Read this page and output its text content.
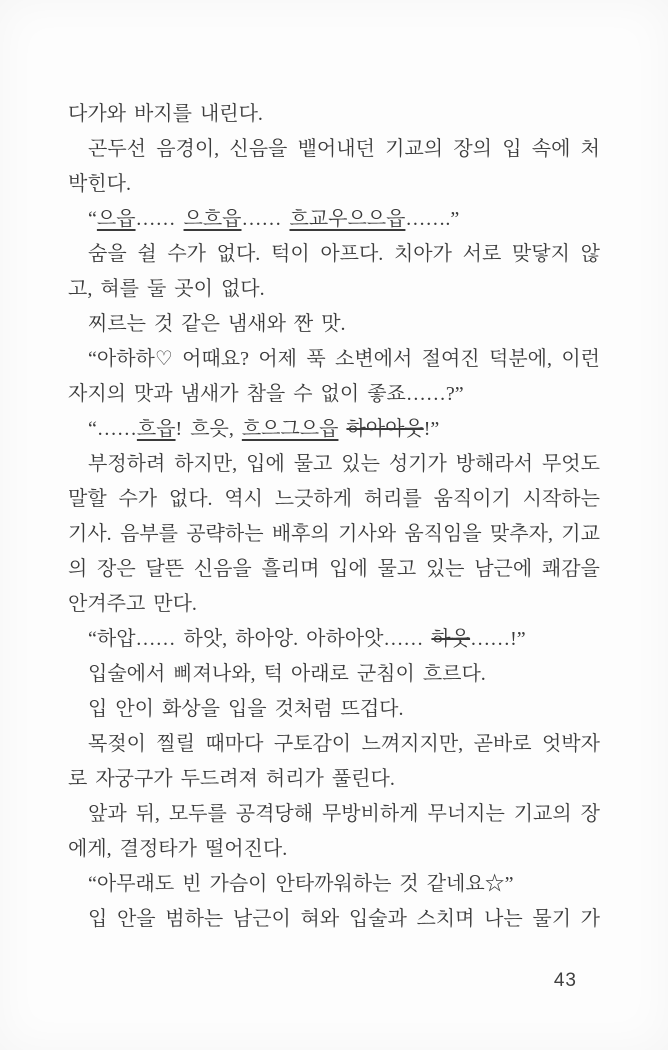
다가와 바지를 내린다.
곤두선 음경이, 신음을 뱉어내던 기교의 장의 입 속에 처
박힌다.
“으읍…… 으흐읍…… 흐교우으으읍…….”
숨을 쉴 수가 없다. 턱이 아프다. 치아가 서로 맞닿지 않
고, 혀를 둘 곳이 없다.
찌르는 것 같은 냄새와 짠 맛.
“아하하♡ 어때요? 어제 푹 소변에서 절여진 덕분에, 이런
자지의 맛과 냄새가 참을 수 없이 좋죠……?”
“……흐읍! 흐읏, 흐으그으읍 하아아웃!”
부정하려 하지만, 입에 물고 있는 성기가 방해라서 무엇도
말할 수가 없다. 역시 느긋하게 허리를 움직이기 시작하는
기사. 음부를 공략하는 배후의 기사와 움직임을 맞추자, 기교
의 장은 달뜬 신음을 흘리며 입에 물고 있는 남근에 쾌감을
안겨주고 만다.
“하압…… 하앗, 하아앙. 아하아앗…… 하웃……!”
입술에서 삐져나와, 턱 아래로 군침이 흐르다.
입 안이 화상을 입을 것처럼 뜨겁다.
목젖이 찔릴 때마다 구토감이 느껴지지만, 곧바로 엇박자
로 자궁구가 두드려져 허리가 풀린다.
앞과 뒤, 모두를 공격당해 무방비하게 무너지는 기교의 장
에게, 결정타가 떨어진다.
“아무래도 빈 가슴이 안타까워하는 것 같네요☆”
입 안을 범하는 남근이 혀와 입술과 스치며 나는 물기 가
43
